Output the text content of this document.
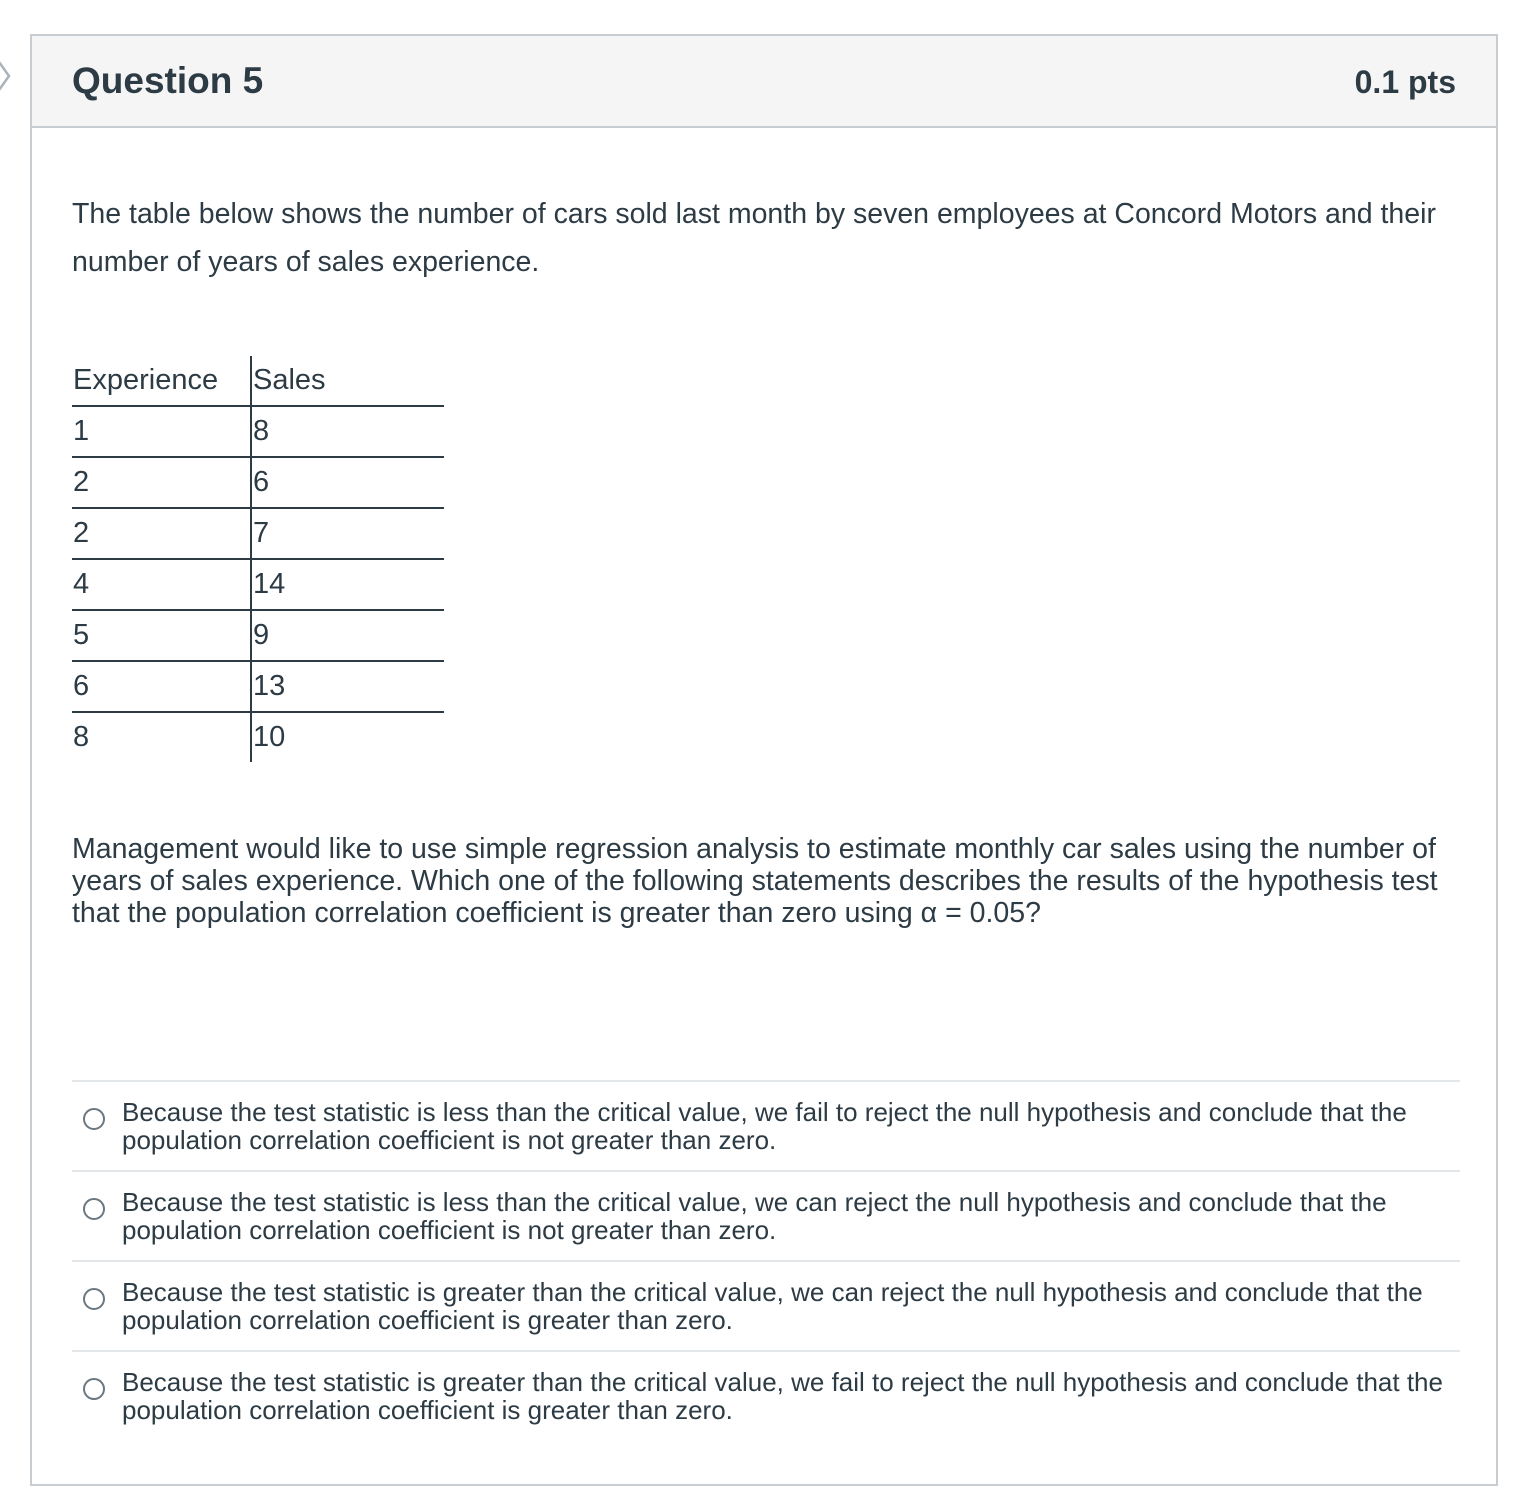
Question 5	0.1 pts
The table below shows the number of cars sold last month by seven employees at Concord Motors and their number of years of sales experience.
Experience	Sales
1	8
2	6
2	7
4	14
5	9
6	13
8	10
Management would like to use simple regression analysis to estimate monthly car sales using the number of years of sales experience. Which one of the following statements describes the results of the hypothesis test that the population correlation coefficient is greater than zero using α = 0.05?
Because the test statistic is less than the critical value, we fail to reject the null hypothesis and conclude that the population correlation coefficient is not greater than zero.
Because the test statistic is less than the critical value, we can reject the null hypothesis and conclude that the population correlation coefficient is not greater than zero.
Because the test statistic is greater than the critical value, we can reject the null hypothesis and conclude that the population correlation coefficient is greater than zero.
Because the test statistic is greater than the critical value, we fail to reject the null hypothesis and conclude that the population correlation coefficient is greater than zero.
